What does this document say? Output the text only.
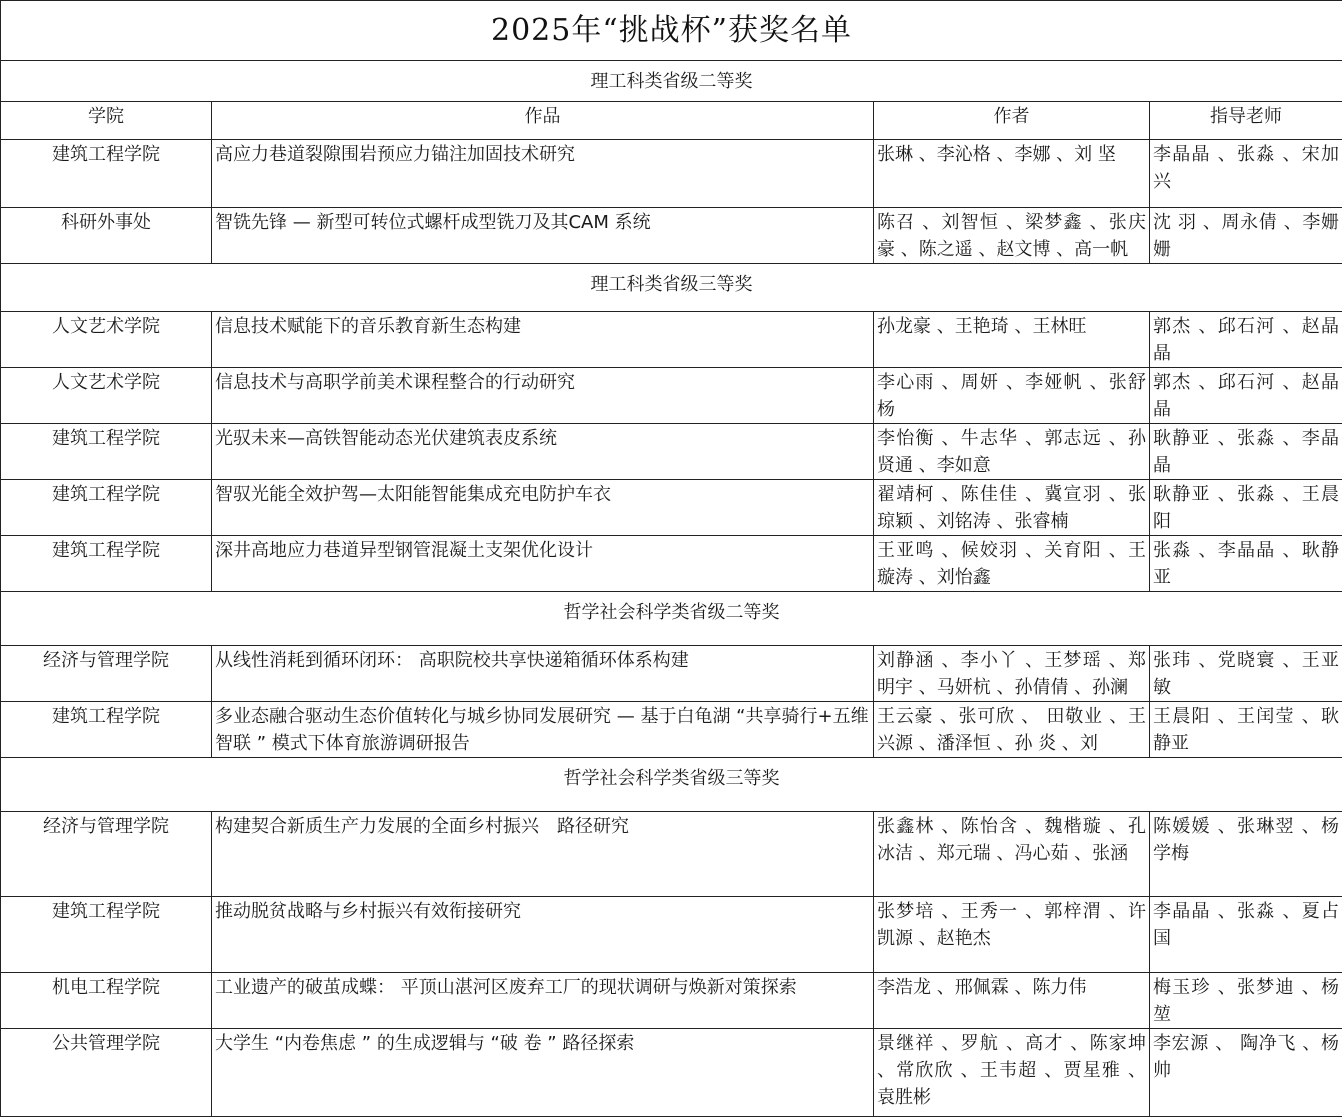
2025年“挑战杯”获奖名单			
理工科类省级二等奖			
学院	作品	作者	指导老师
建筑工程学院	高应力巷道裂隙围岩预应力锚注加固技术研究	张琳 、李沁格 、李娜 、刘 坚	李晶晶 、张淼 、宋加兴
科研外事处	智铣先锋 — 新型可转位式螺杆成型铣刀及其CAM 系统	陈召 、刘智恒 、梁梦鑫 、张庆豪 、陈之遥 、赵文博 、高一帆	沈 羽 、周永倩 、李姗姗
理工科类省级三等奖			
人文艺术学院	信息技术赋能下的音乐教育新生态构建	孙龙豪 、王艳琦 、王林旺	郭杰 、邱石河 、赵晶晶
人文艺术学院	信息技术与高职学前美术课程整合的行动研究	李心雨 、周妍 、李娅帆 、张舒杨	郭杰 、邱石河 、赵晶晶
建筑工程学院	光驭未来—高铁智能动态光伏建筑表皮系统	李怡衡 、牛志华 、郭志远 、孙贤通 、李如意	耿静亚 、张淼 、李晶晶
建筑工程学院	智驭光能全效护驾—太阳能智能集成充电防护车衣	翟靖柯 、陈佳佳 、冀宣羽 、张琼颖 、刘铭涛 、张睿楠	耿静亚 、张淼 、王晨阳
建筑工程学院	深井高地应力巷道异型钢管混凝土支架优化设计	王亚鸣 、候姣羽 、关育阳 、王璇涛 、刘怡鑫	张淼 、李晶晶 、耿静亚
哲学社会科学类省级二等奖			
经济与管理学院	从线性消耗到循环闭环： 高职院校共享快递箱循环体系构建	刘静涵 、李小丫 、王梦瑶 、郑明宇 、马妍杭 、孙倩倩 、孙澜	张玮 、党晓寰 、王亚敏
建筑工程学院	多业态融合驱动生态价值转化与城乡协同发展研究 — 基于白龟湖 “共享骑行+五维智联 ” 模式下体育旅游调研报告	王云豪 、张可欣 、 田敬业 、王兴源 、潘泽恒 、孙 炎 、刘	王晨阳 、王闰莹 、耿静亚
哲学社会科学类省级三等奖			
经济与管理学院	构建契合新质生产力发展的全面乡村振兴　路径研究	张鑫林 、陈怡含 、魏楷璇 、孔冰洁 、郑元瑞 、冯心茹 、张涵	陈媛媛 、张琳翌 、杨学梅
建筑工程学院	推动脱贫战略与乡村振兴有效衔接研究	张梦培 、王秀一 、郭梓渭 、许凯源 、赵艳杰	李晶晶 、张淼 、夏占国
机电工程学院	工业遗产的破茧成蝶： 平顶山湛河区废弃工厂的现状调研与焕新对策探索	李浩龙 、邢佩霖 、陈力伟	梅玉珍 、张梦迪 、杨堃
公共管理学院	大学生 “内卷焦虑 ” 的生成逻辑与 “破 卷 ” 路径探索	景继祥 、罗航 、高才 、陈家坤 、常欣欣 、王韦超 、贾星雅 、袁胜彬	李宏源 、 陶净飞 、杨帅
